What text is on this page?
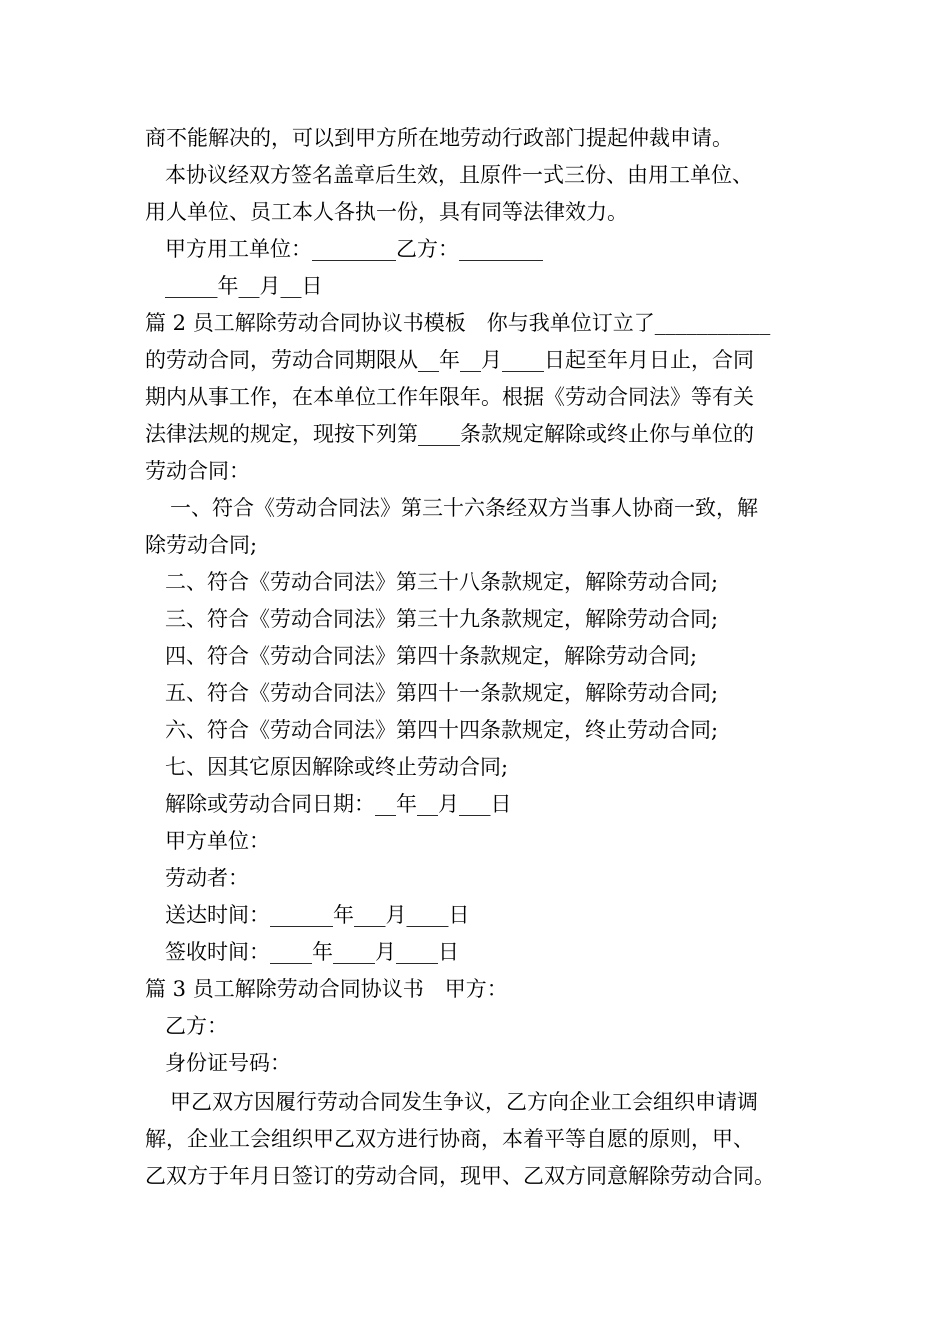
商不能解决的，可以到甲方所在地劳动行政部门提起仲裁申请。
本协议经双方签名盖章后生效，且原件一式三份、由用工单位、
用人单位、员工本人各执一份，具有同等法律效力。
甲方用工单位：________乙方：________
_____年__月__日
篇 2 员工解除劳动合同协议书模板　你与我单位订立了___________
的劳动合同，劳动合同期限从__年__月____日起至年月日止，合同
期内从事工作，在本单位工作年限年。根据《劳动合同法》等有关
法律法规的规定，现按下列第____条款规定解除或终止你与单位的
劳动合同：
一、符合《劳动合同法》第三十六条经双方当事人协商一致，解
除劳动合同;
二、符合《劳动合同法》第三十八条款规定，解除劳动合同;
三、符合《劳动合同法》第三十九条款规定，解除劳动合同;
四、符合《劳动合同法》第四十条款规定，解除劳动合同;
五、符合《劳动合同法》第四十一条款规定，解除劳动合同;
六、符合《劳动合同法》第四十四条款规定，终止劳动合同;
七、因其它原因解除或终止劳动合同;
解除或劳动合同日期：__年__月___日
甲方单位：
劳动者：
送达时间：______年___月____日
签收时间：____年____月____日
篇 3 员工解除劳动合同协议书　甲方：
乙方：
身份证号码：
甲乙双方因履行劳动合同发生争议，乙方向企业工会组织申请调
解，企业工会组织甲乙双方进行协商，本着平等自愿的原则，甲、
乙双方于年月日签订的劳动合同，现甲、乙双方同意解除劳动合同。
